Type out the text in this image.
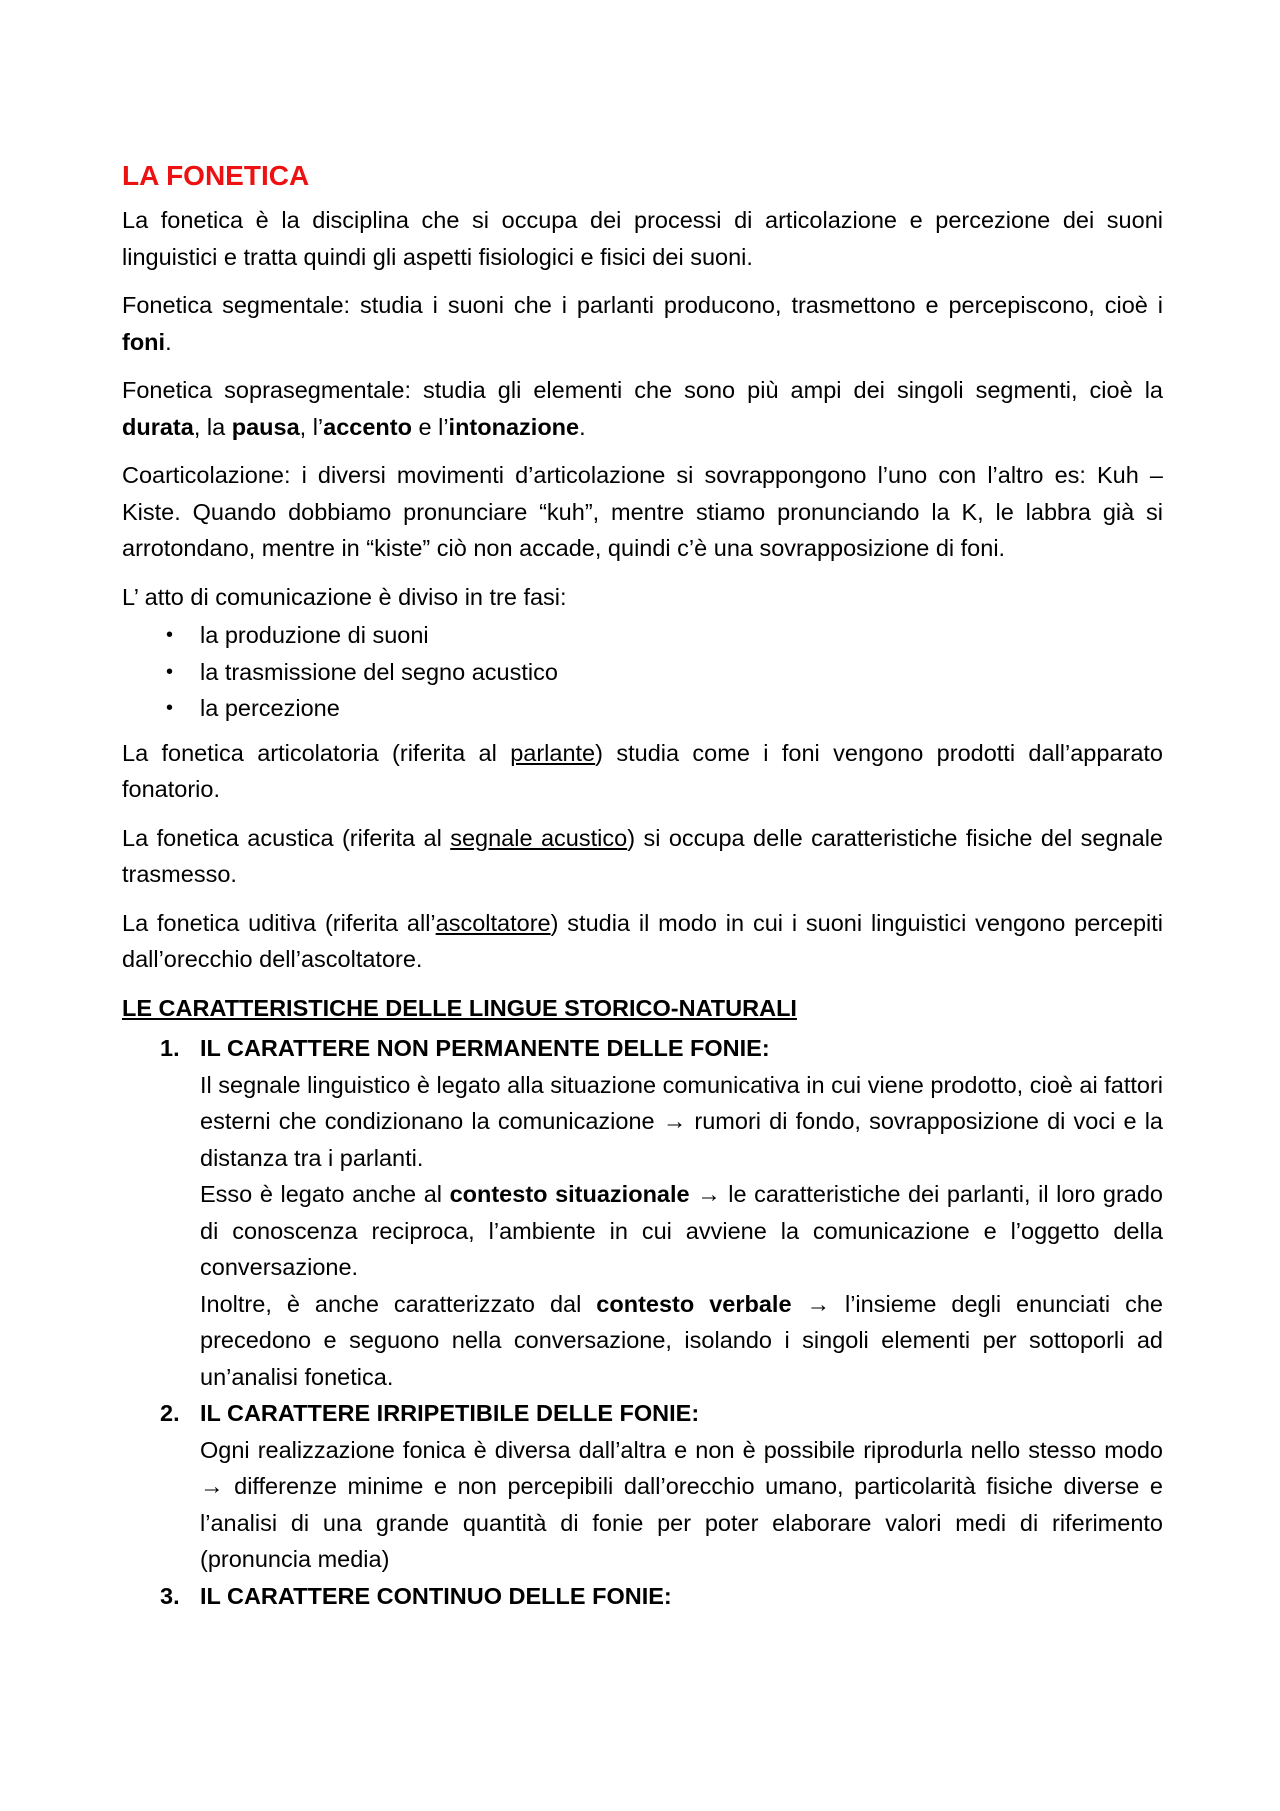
LA FONETICA

La fonetica è la disciplina che si occupa dei processi di articolazione e percezione dei suoni linguistici e tratta quindi gli aspetti fisiologici e fisici dei suoni.

Fonetica segmentale: studia i suoni che i parlanti producono, trasmettono e percepiscono, cioè i foni.

Fonetica soprasegmentale: studia gli elementi che sono più ampi dei singoli segmenti, cioè la durata, la pausa, l’accento e l’intonazione.

Coarticolazione: i diversi movimenti d’articolazione si sovrappongono l’uno con l’altro es: Kuh – Kiste. Quando dobbiamo pronunciare “kuh”, mentre stiamo pronunciando la K, le labbra già si arrotondano, mentre in “kiste” ciò non accade, quindi c’è una sovrapposizione di foni.

L’ atto di comunicazione è diviso in tre fasi:

• la produzione di suoni
• la trasmissione del segno acustico
• la percezione

La fonetica articolatoria (riferita al parlante) studia come i foni vengono prodotti dall’apparato fonatorio.

La fonetica acustica (riferita al segnale acustico) si occupa delle caratteristiche fisiche del segnale trasmesso.

La fonetica uditiva (riferita all’ascoltatore) studia il modo in cui i suoni linguistici vengono percepiti dall’orecchio dell’ascoltatore.

LE CARATTERISTICHE DELLE LINGUE STORICO-NATURALI
1. IL CARATTERE NON PERMANENTE DELLE FONIE:

Il segnale linguistico è legato alla situazione comunicativa in cui viene prodotto, cioè ai fattori esterni che condizionano la comunicazione → rumori di fondo, sovrapposizione di voci e la distanza tra i parlanti.

Esso è legato anche al contesto situazionale → le caratteristiche dei parlanti, il loro grado di conoscenza reciproca, l’ambiente in cui avviene la comunicazione e l’oggetto della conversazione.

Inoltre, è anche caratterizzato dal contesto verbale → l’insieme degli enunciati che precedono e seguono nella conversazione, isolando i singoli elementi per sottoporli ad un’analisi fonetica.

2. IL CARATTERE IRRIPETIBILE DELLE FONIE:

Ogni realizzazione fonica è diversa dall’altra e non è possibile riprodurla nello stesso modo → differenze minime e non percepibili dall’orecchio umano, particolarità fisiche diverse e l’analisi di una grande quantità di fonie per poter elaborare valori medi di riferimento (pronuncia media)

3. IL CARATTERE CONTINUO DELLE FONIE:
